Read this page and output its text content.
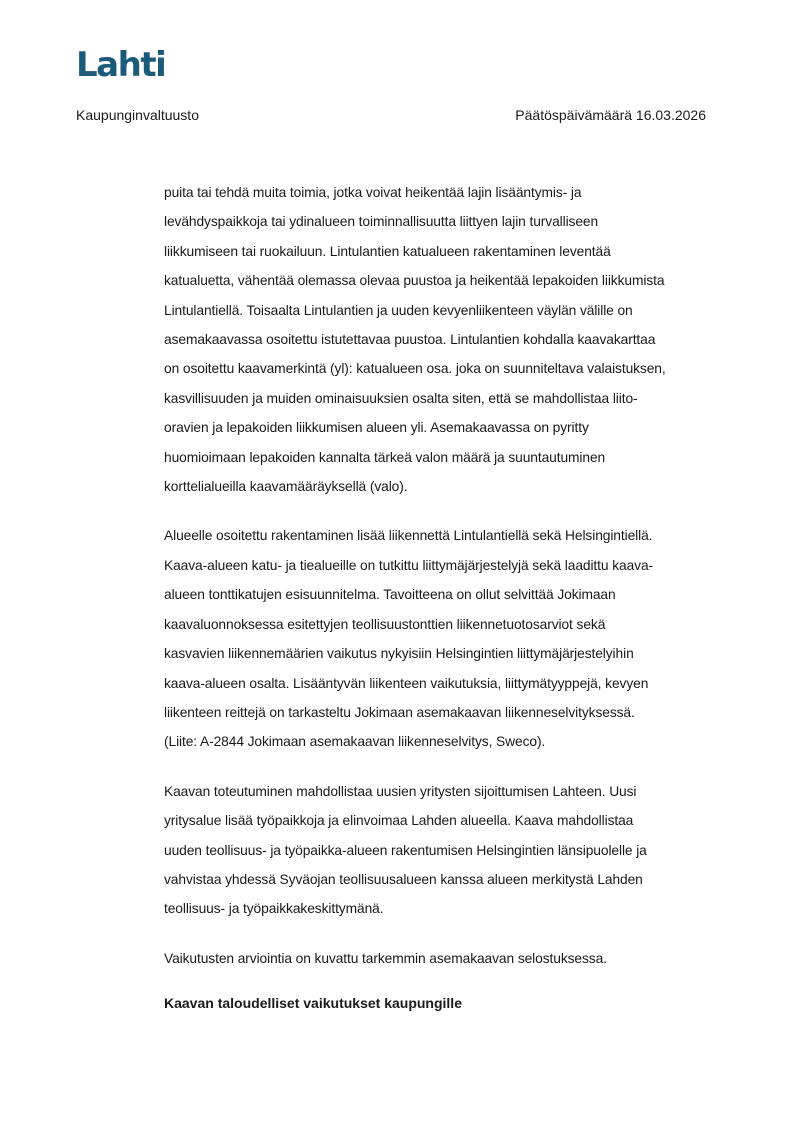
Lahti
Kaupunginvaltuusto	Päätöspäivämäärä 16.03.2026

puita tai tehdä muita toimia, jotka voivat heikentää lajin lisääntymis- ja
levähdyspaikkoja tai ydinalueen toiminnallisuutta liittyen lajin turvalliseen
liikkumiseen tai ruokailuun. Lintulantien katualueen rakentaminen leventää
katualuetta, vähentää olemassa olevaa puustoa ja heikentää lepakoiden liikkumista
Lintulantiellä. Toisaalta Lintulantien ja uuden kevyenliikenteen väylän välille on
asemakaavassa osoitettu istutettavaa puustoa. Lintulantien kohdalla kaavakarttaa
on osoitettu kaavamerkintä (yl): katualueen osa. joka on suunniteltava valaistuksen,
kasvillisuuden ja muiden ominaisuuksien osalta siten, että se mahdollistaa liito-
oravien ja lepakoiden liikkumisen alueen yli. Asemakaavassa on pyritty
huomioimaan lepakoiden kannalta tärkeä valon määrä ja suuntautuminen
korttelialueilla kaavamääräyksellä (valo).

Alueelle osoitettu rakentaminen lisää liikennettä Lintulantiellä sekä Helsingintiellä.
Kaava-alueen katu- ja tiealueille on tutkittu liittymäjärjestelyjä sekä laadittu kaava-
alueen tonttikatujen esisuunnitelma. Tavoitteena on ollut selvittää Jokimaan
kaavaluonnoksessa esitettyjen teollisuustonttien liikennetuotosarviot sekä
kasvavien liikennemäärien vaikutus nykyisiin Helsingintien liittymäjärjestelyihin
kaava-alueen osalta. Lisääntyvän liikenteen vaikutuksia, liittymätyyppejä, kevyen
liikenteen reittejä on tarkasteltu Jokimaan asemakaavan liikenneselvityksessä.
(Liite: A-2844 Jokimaan asemakaavan liikenneselvitys, Sweco).

Kaavan toteutuminen mahdollistaa uusien yritysten sijoittumisen Lahteen. Uusi
yritysalue lisää työpaikkoja ja elinvoimaa Lahden alueella. Kaava mahdollistaa
uuden teollisuus- ja työpaikka-alueen rakentumisen Helsingintien länsipuolelle ja
vahvistaa yhdessä Syväojan teollisuusalueen kanssa alueen merkitystä Lahden
teollisuus- ja työpaikkakeskittymänä.

Vaikutusten arviointia on kuvattu tarkemmin asemakaavan selostuksessa.

Kaavan taloudelliset vaikutukset kaupungille
